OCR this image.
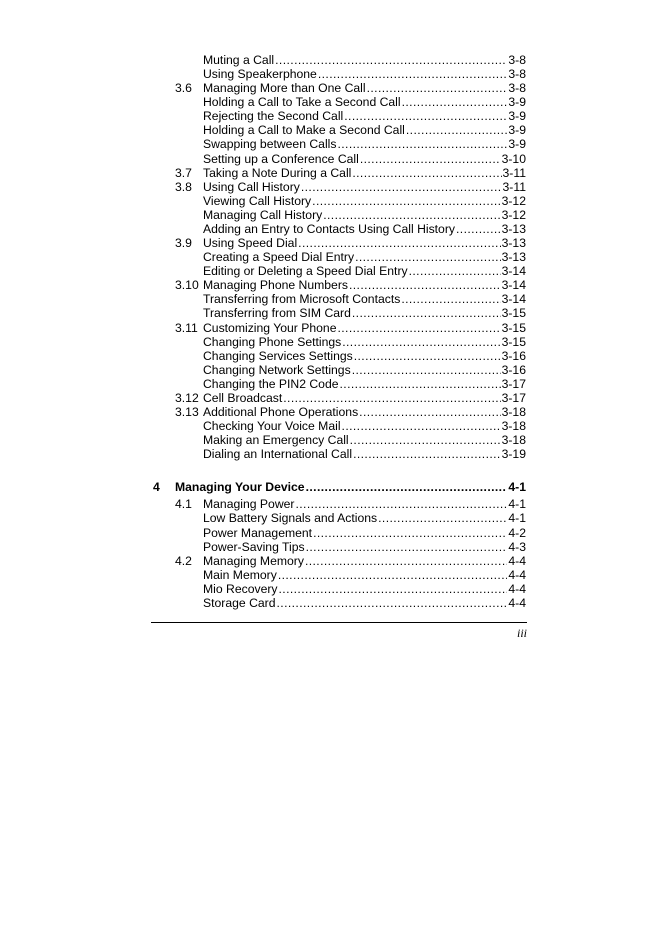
Muting a Call .....	3-8
Using Speakerphone .....	3-8
3.6 Managing More than One Call .....	3-8
Holding a Call to Take a Second Call .....	3-9
Rejecting the Second Call .....	3-9
Holding a Call to Make a Second Call .....	3-9
Swapping between Calls .....	3-9
Setting up a Conference Call .....	3-10
3.7 Taking a Note During a Call .....	3-11
3.8 Using Call History .....	3-11
Viewing Call History .....	3-12
Managing Call History .....	3-12
Adding an Entry to Contacts Using Call History .....	3-13
3.9 Using Speed Dial .....	3-13
Creating a Speed Dial Entry .....	3-13
Editing or Deleting a Speed Dial Entry .....	3-14
3.10 Managing Phone Numbers .....	3-14
Transferring from Microsoft Contacts .....	3-14
Transferring from SIM Card .....	3-15
3.11 Customizing Your Phone .....	3-15
Changing Phone Settings .....	3-15
Changing Services Settings .....	3-16
Changing Network Settings .....	3-16
Changing the PIN2 Code .....	3-17
3.12 Cell Broadcast .....	3-17
3.13 Additional Phone Operations .....	3-18
Checking Your Voice Mail .....	3-18
Making an Emergency Call .....	3-18
Dialing an International Call .....	3-19
4 Managing Your Device .....	4-1
4.1 Managing Power .....	4-1
Low Battery Signals and Actions .....	4-1
Power Management .....	4-2
Power-Saving Tips .....	4-3
4.2 Managing Memory .....	4-4
Main Memory .....	4-4
Mio Recovery .....	4-4
Storage Card .....	4-4
iii
